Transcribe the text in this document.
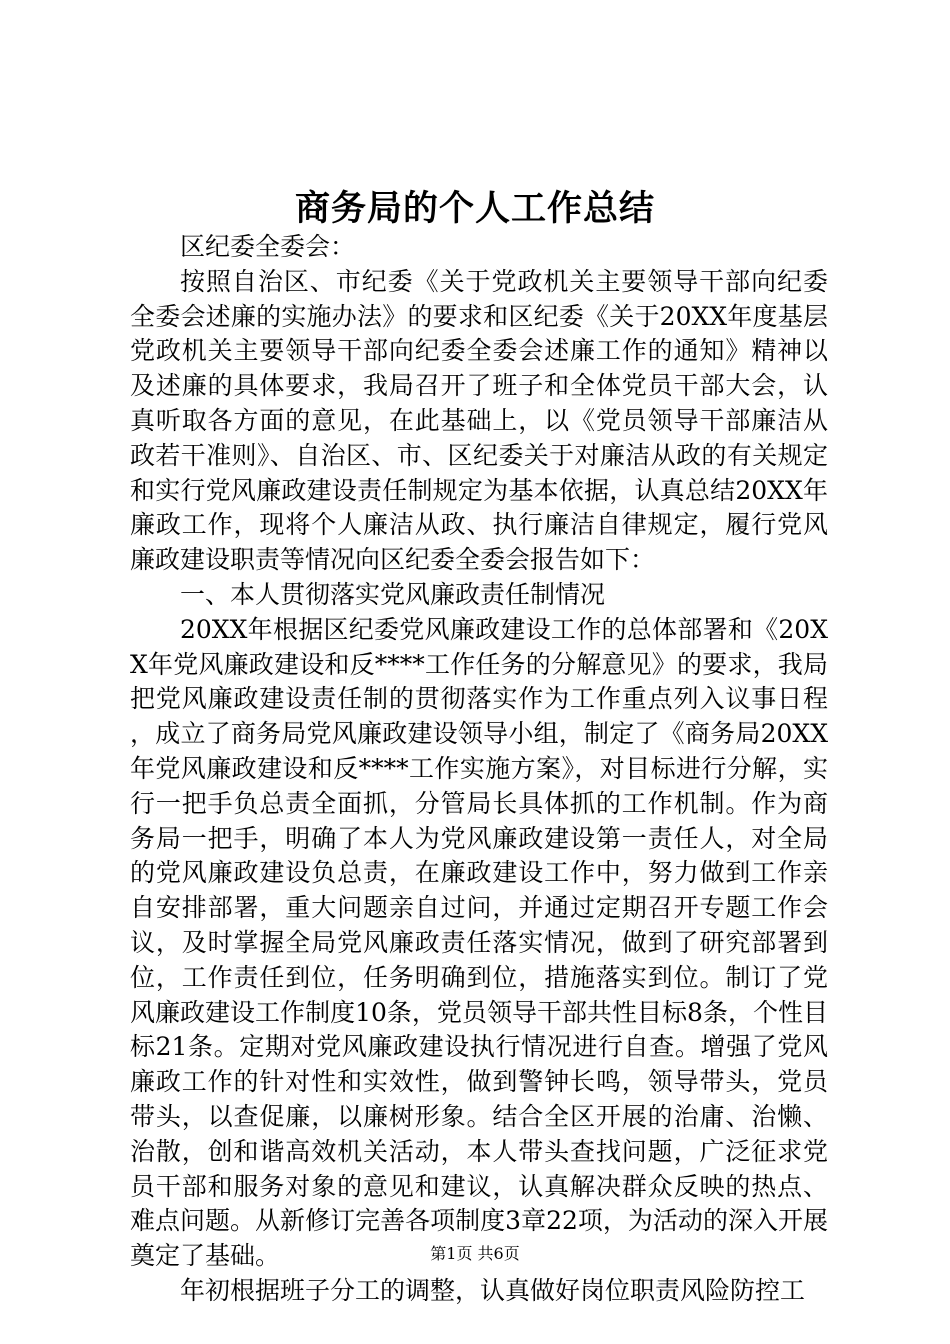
商务局的个人工作总结

区纪委全委会：

按照自治区、市纪委《关于党政机关主要领导干部向纪委全委会述廉的实施办法》的要求和区纪委《关于20XX年度基层党政机关主要领导干部向纪委全委会述廉工作的通知》精神以及述廉的具体要求，我局召开了班子和全体党员干部大会，认真听取各方面的意见，在此基础上，以《党员领导干部廉洁从政若干准则》、自治区、市、区纪委关于对廉洁从政的有关规定和实行党风廉政建设责任制规定为基本依据，认真总结20XX年廉政工作，现将个人廉洁从政、执行廉洁自律规定，履行党风廉政建设职责等情况向区纪委全委会报告如下：

一、本人贯彻落实党风廉政责任制情况

20XX年根据区纪委党风廉政建设工作的总体部署和《20XX年党风廉政建设和反****工作任务的分解意见》的要求，我局把党风廉政建设责任制的贯彻落实作为工作重点列入议事日程，成立了商务局党风廉政建设领导小组，制定了《商务局20XX年党风廉政建设和反****工作实施方案》，对目标进行分解，实行一把手负总责全面抓，分管局长具体抓的工作机制。作为商务局一把手，明确了本人为党风廉政建设第一责任人，对全局的党风廉政建设负总责，在廉政建设工作中，努力做到工作亲自安排部署，重大问题亲自过问，并通过定期召开专题工作会议，及时掌握全局党风廉政责任落实情况，做到了研究部署到位，工作责任到位，任务明确到位，措施落实到位。制订了党风廉政建设工作制度10条，党员领导干部共性目标8条，个性目标21条。定期对党风廉政建设执行情况进行自查。增强了党风廉政工作的针对性和实效性，做到警钟长鸣，领导带头，党员带头，以查促廉，以廉树形象。结合全区开展的治庸、治懒、治散，创和谐高效机关活动，本人带头查找问题，广泛征求党员干部和服务对象的意见和建议，认真解决群众反映的热点、难点问题。从新修订完善各项制度3章22项，为活动的深入开展奠定了基础。

年初根据班子分工的调整，认真做好岗位职责风险防控工

第1页 共6页
